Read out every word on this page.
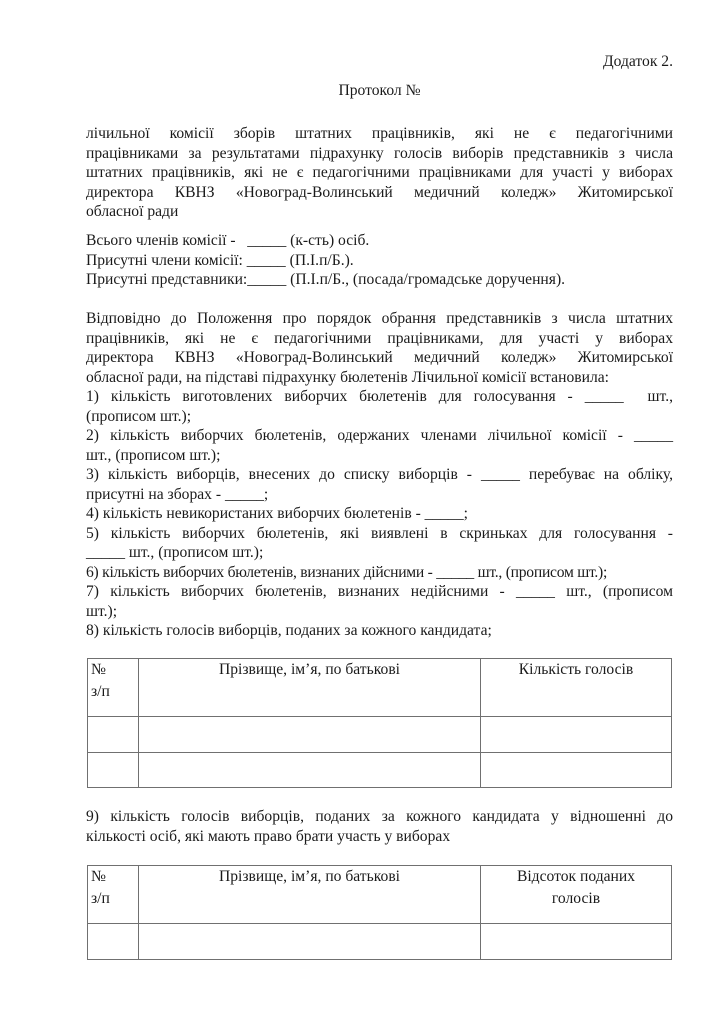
Додаток 2.
Протокол №
лічильної комісії зборів штатних працівників, які не є педагогічними
працівниками за результатами підрахунку голосів виборів представників з числа
штатних працівників, які не є педагогічними працівниками для участі у виборах
директора КВНЗ «Новоград-Волинський медичний коледж» Житомирської
обласної ради
Всього членів комісії -   _____ (к-сть) осіб.
Присутні члени комісії: _____ (П.І.п/Б.).
Присутні представники:_____ (П.І.п/Б., (посада/громадське доручення).
Відповідно до Положення про порядок обрання представників з числа штатних
працівників, які не є педагогічними працівниками, для участі у виборах
директора КВНЗ «Новоград-Волинський медичний коледж» Житомирської
обласної ради, на підставі підрахунку бюлетенів Лічильної комісії встановила:
1) кількість виготовлених виборчих бюлетенів для голосування - _____  шт.,
(прописом шт.);
2) кількість виборчих бюлетенів, одержаних членами лічильної комісії - _____
шт., (прописом шт.);
3) кількість виборців, внесених до списку виборців - _____ перебуває на обліку,
присутні на зборах - _____;
4) кількість невикористаних виборчих бюлетенів - _____;
5) кількість виборчих бюлетенів, які виявлені в скриньках для голосування -
_____ шт., (прописом шт.);
6) кількість виборчих бюлетенів, визнаних дійсними - _____ шт., (прописом шт.);
7) кількість виборчих бюлетенів, визнаних недійсними - _____ шт., (прописом
шт.);
8) кількість голосів виборців, поданих за кожного кандидата;
№ з/п	Прізвище, ім’я, по батькові	Кількість голосів

9) кількість голосів виборців, поданих за кожного кандидата у відношенні до
кількості осіб, які мають право брати участь у виборах
№ з/п	Прізвище, ім’я, по батькові	Відсоток поданих голосів
